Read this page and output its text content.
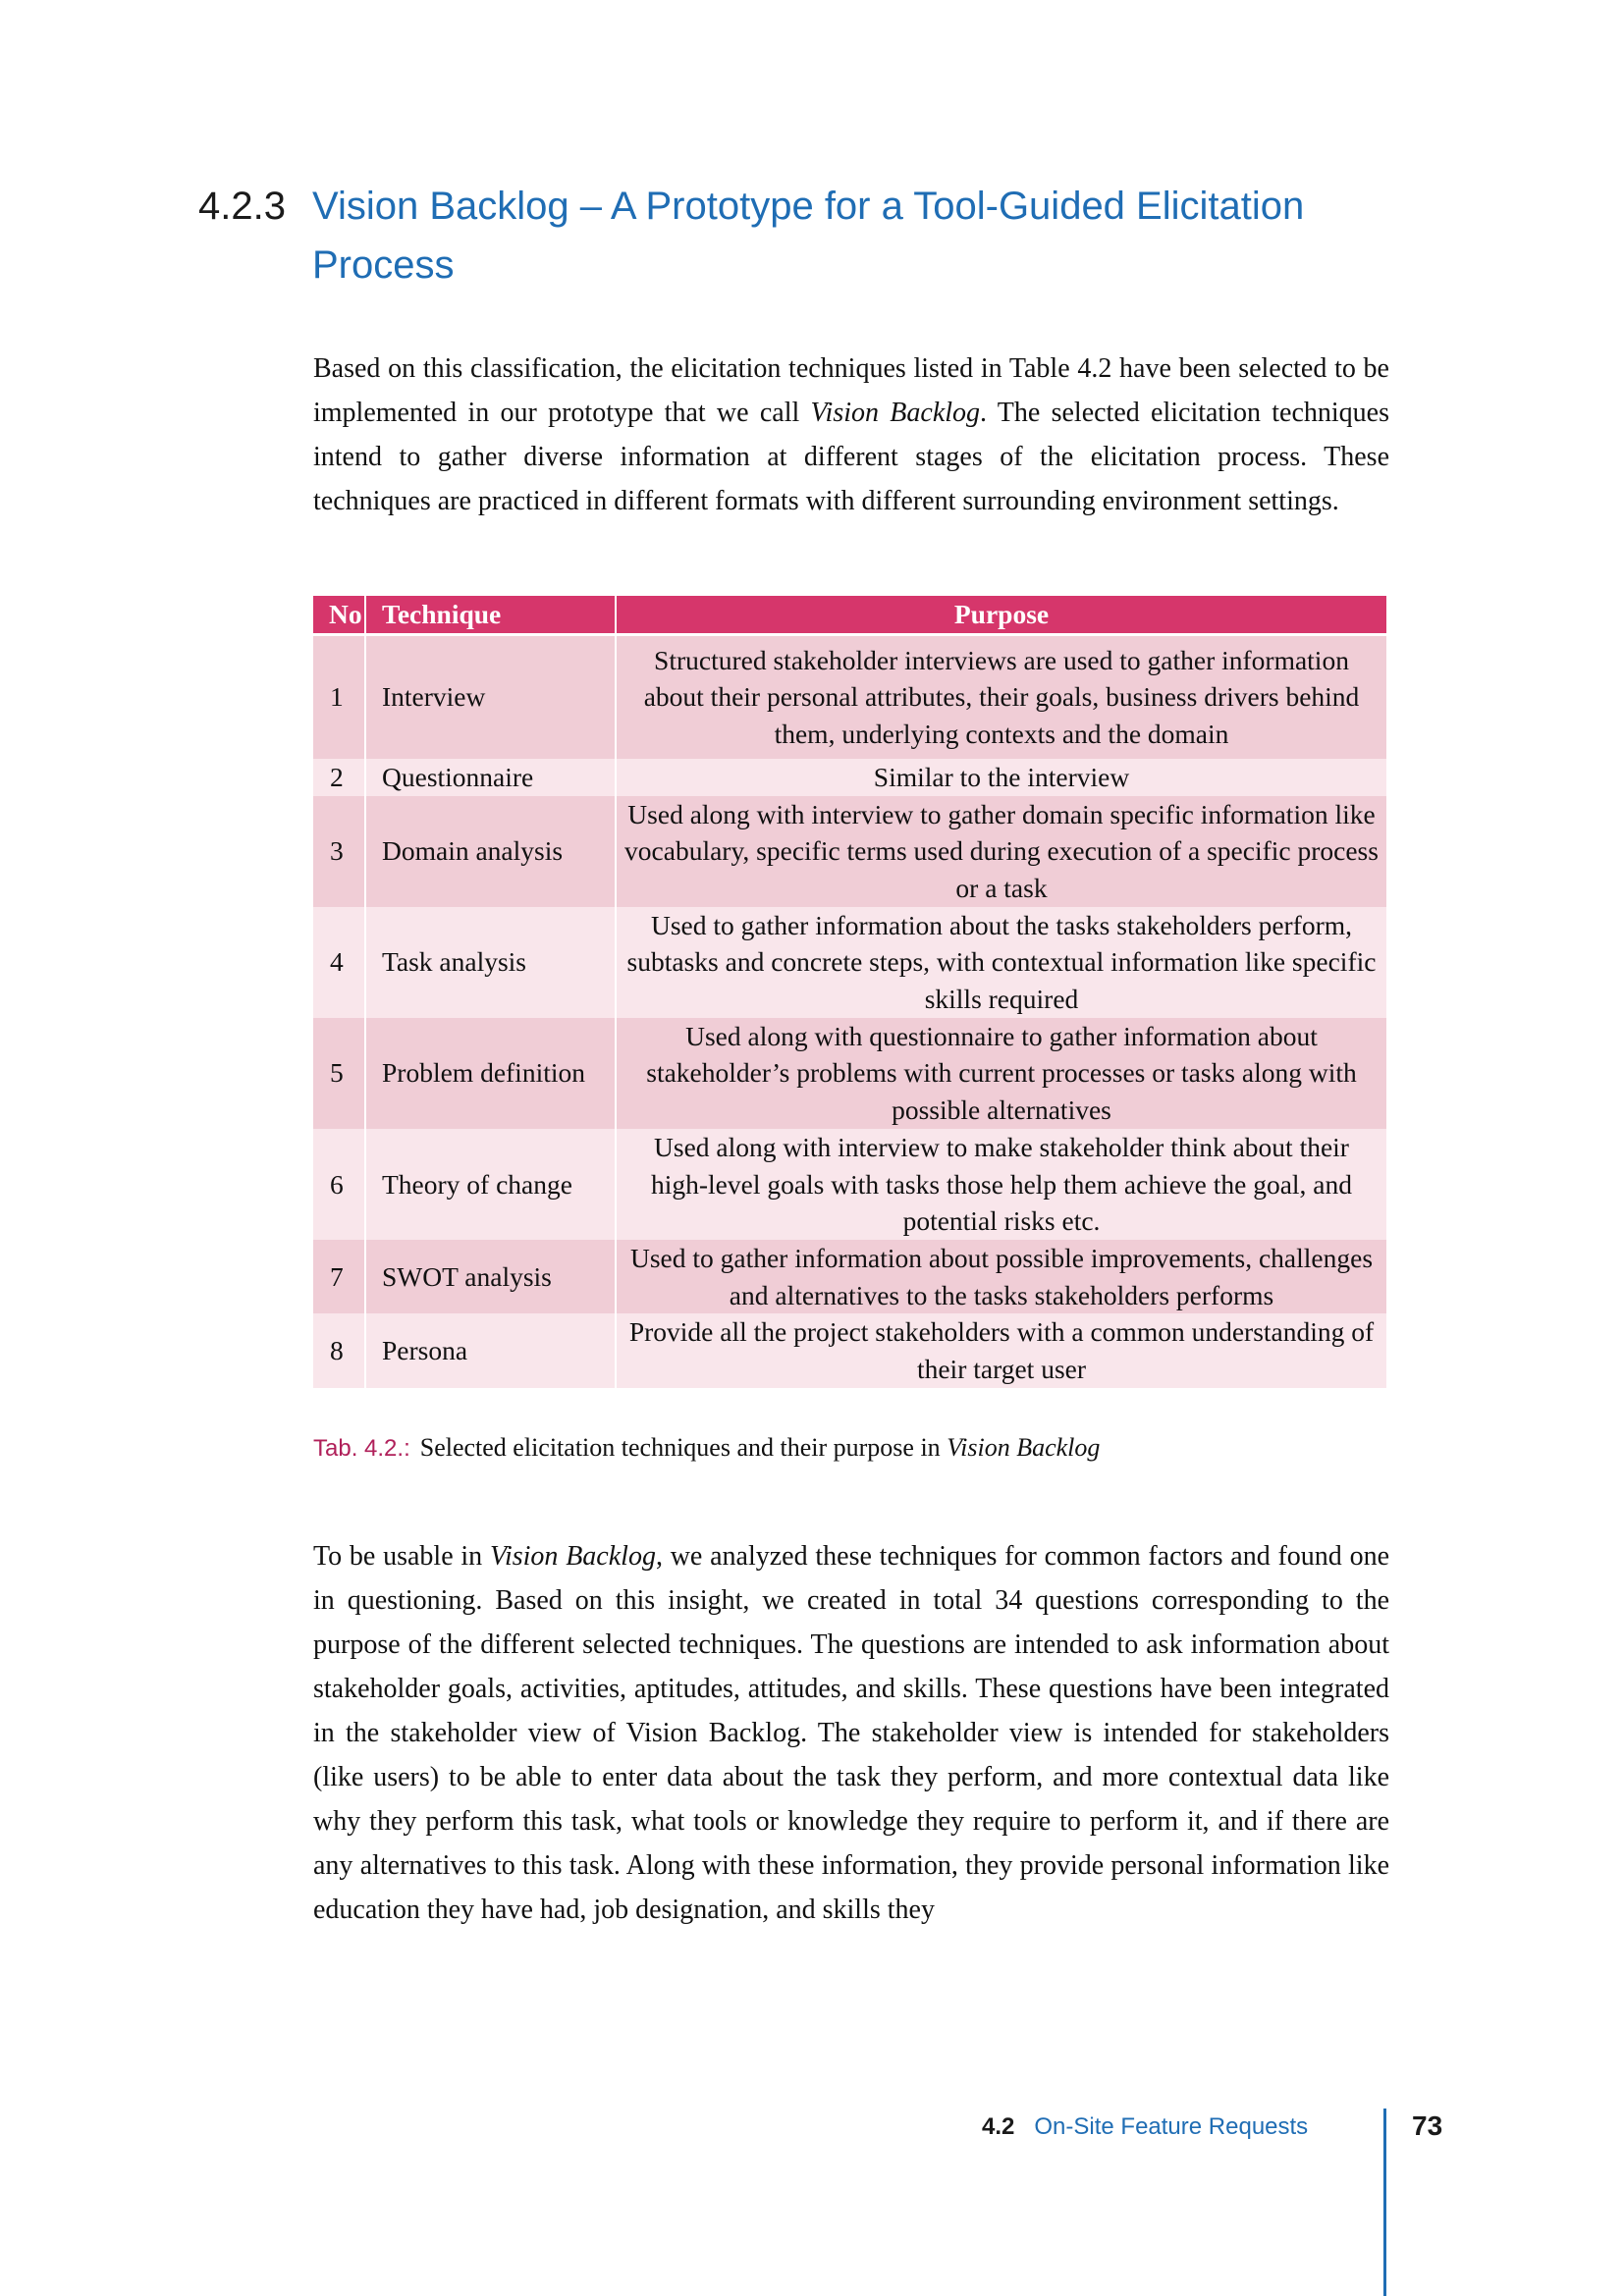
4.2.3 Vision Backlog – A Prototype for a Tool-Guided Elicitation Process

Based on this classification, the elicitation techniques listed in Table 4.2 have been selected to be implemented in our prototype that we call Vision Backlog. The selected elicitation techniques intend to gather diverse information at different stages of the elicitation process. These techniques are practiced in different formats with different surrounding environment settings.

No	Technique	Purpose
1	Interview	Structured stakeholder interviews are used to gather information about their personal attributes, their goals, business drivers behind them, underlying contexts and the domain
2	Questionnaire	Similar to the interview
3	Domain analysis	Used along with interview to gather domain specific information like vocabulary, specific terms used during execution of a specific process or a task
4	Task analysis	Used to gather information about the tasks stakeholders perform, subtasks and concrete steps, with contextual information like specific skills required
5	Problem definition	Used along with questionnaire to gather information about stakeholder’s problems with current processes or tasks along with possible alternatives
6	Theory of change	Used along with interview to make stakeholder think about their high-level goals with tasks those help them achieve the goal, and potential risks etc.
7	SWOT analysis	Used to gather information about possible improvements, challenges and alternatives to the tasks stakeholders performs
8	Persona	Provide all the project stakeholders with a common understanding of their target user
Tab. 4.2.: Selected elicitation techniques and their purpose in Vision Backlog

To be usable in Vision Backlog, we analyzed these techniques for common factors and found one in questioning. Based on this insight, we created in total 34 questions corresponding to the purpose of the different selected techniques. The questions are intended to ask information about stakeholder goals, activities, aptitudes, attitudes, and skills. These questions have been integrated in the stakeholder view of Vision Backlog. The stakeholder view is intended for stakeholders (like users) to be able to enter data about the task they perform, and more contextual data like why they perform this task, what tools or knowledge they require to perform it, and if there are any alternatives to this task. Along with these information, they provide personal information like education they have had, job designation, and skills they

4.2 On-Site Feature Requests	73
